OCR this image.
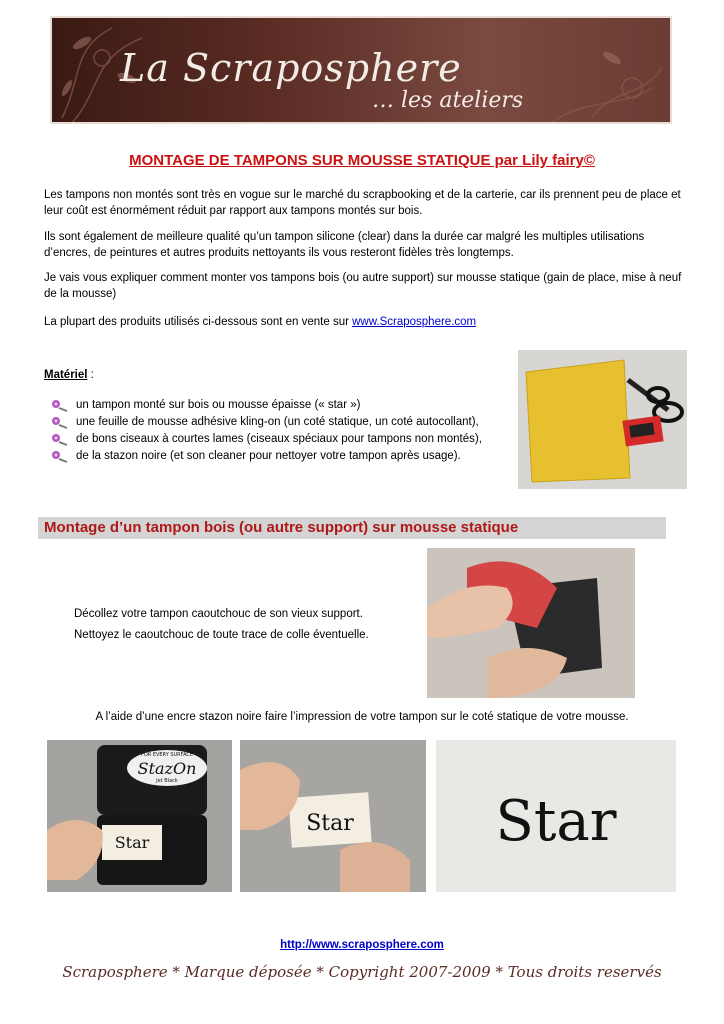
La Scraposphere
… les ateliers
MONTAGE DE TAMPONS SUR MOUSSE STATIQUE par Lily fairy©
Les tampons non montés sont très en vogue sur le marché du scrapbooking et de la carterie, car ils prennent peu de place et leur coût est énormément réduit par rapport aux tampons montés sur bois.
Ils sont également de meilleure qualité qu’un tampon silicone (clear) dans la durée car malgré les multiples utilisations d’encres, de peintures et autres produits nettoyants ils vous resteront fidèles très longtemps.
Je vais vous expliquer comment monter vos tampons bois (ou autre support) sur mousse statique (gain de place, mise à neuf de la mousse)
La plupart des produits utilisés ci-dessous sont en vente sur www.Scraposphere.com
Matériel :
un tampon monté sur bois ou mousse épaisse (« star »)
une feuille de mousse adhésive kling-on (un coté statique, un coté autocollant),
de bons ciseaux à courtes lames (ciseaux spéciaux pour tampons non montés),
de la stazon noire (et son cleaner pour nettoyer votre tampon après usage).
Montage d’un tampon bois (ou autre support) sur mousse statique
Décollez votre tampon caoutchouc de son vieux support.
Nettoyez le caoutchouc de toute trace de colle éventuelle.
A l’aide d’une encre stazon noire faire l’impression de votre tampon sur le coté statique de votre mousse.
StazOn
FOR EVERY SURFACE
Jet Black
Star
Star	Star
http://www.scraposphere.com
Scraposphere * Marque déposée * Copyright 2007-2009 * Tous droits reservés
